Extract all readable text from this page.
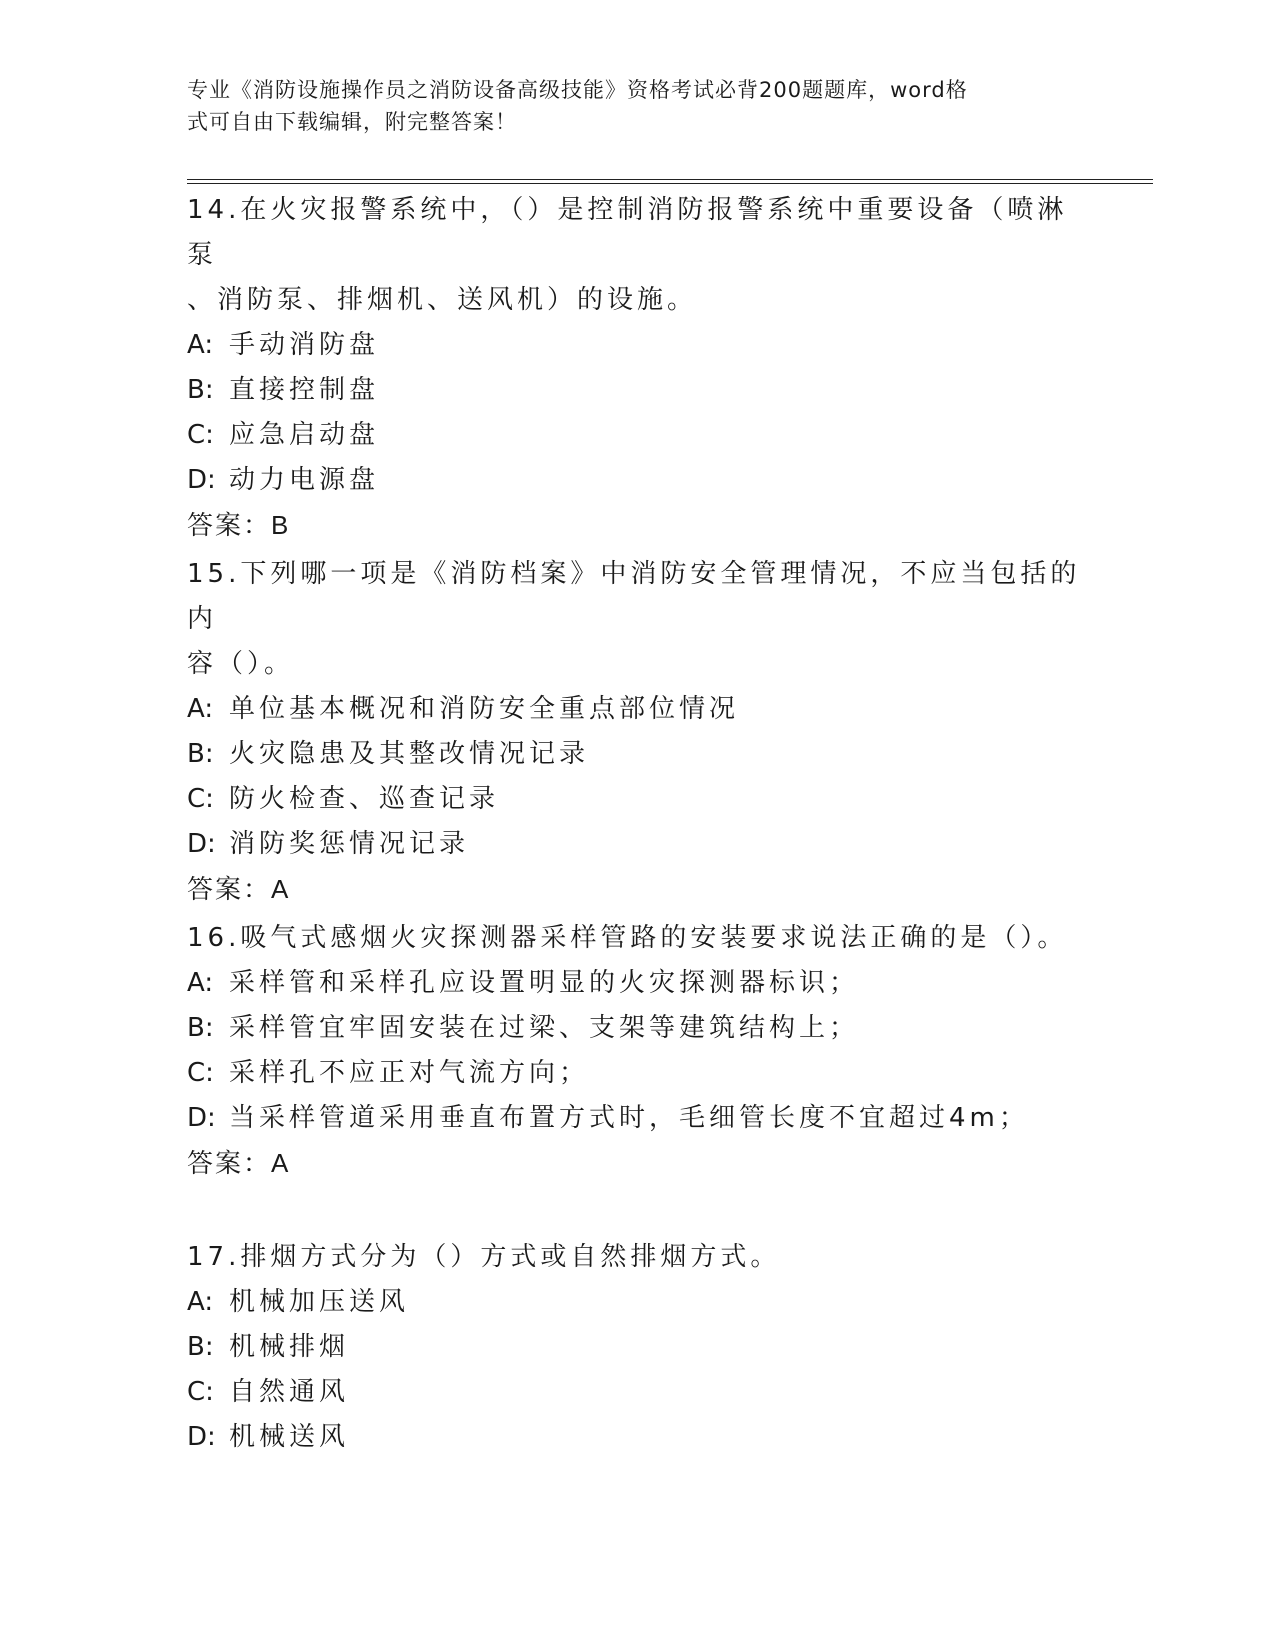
专业《消防设施操作员之消防设备高级技能》资格考试必背200题题库，word格
式可自由下载编辑，附完整答案！

14.在火灾报警系统中，（）是控制消防报警系统中重要设备（喷淋泵

、消防泵、排烟机、送风机）的设施。

A: 手动消防盘

B: 直接控制盘

C: 应急启动盘

D: 动力电源盘

答案：B

15.下列哪一项是《消防档案》中消防安全管理情况，不应当包括的内

容（）。

A: 单位基本概况和消防安全重点部位情况

B: 火灾隐患及其整改情况记录

C: 防火检查、巡查记录

D: 消防奖惩情况记录

答案：A

16.吸气式感烟火灾探测器采样管路的安装要求说法正确的是（）。

A: 采样管和采样孔应设置明显的火灾探测器标识；

B: 采样管宜牢固安装在过梁、支架等建筑结构上；

C: 采样孔不应正对气流方向；

D: 当采样管道采用垂直布置方式时，毛细管长度不宜超过4m；

答案：A

17.排烟方式分为（）方式或自然排烟方式。

A: 机械加压送风

B: 机械排烟

C: 自然通风

D: 机械送风
